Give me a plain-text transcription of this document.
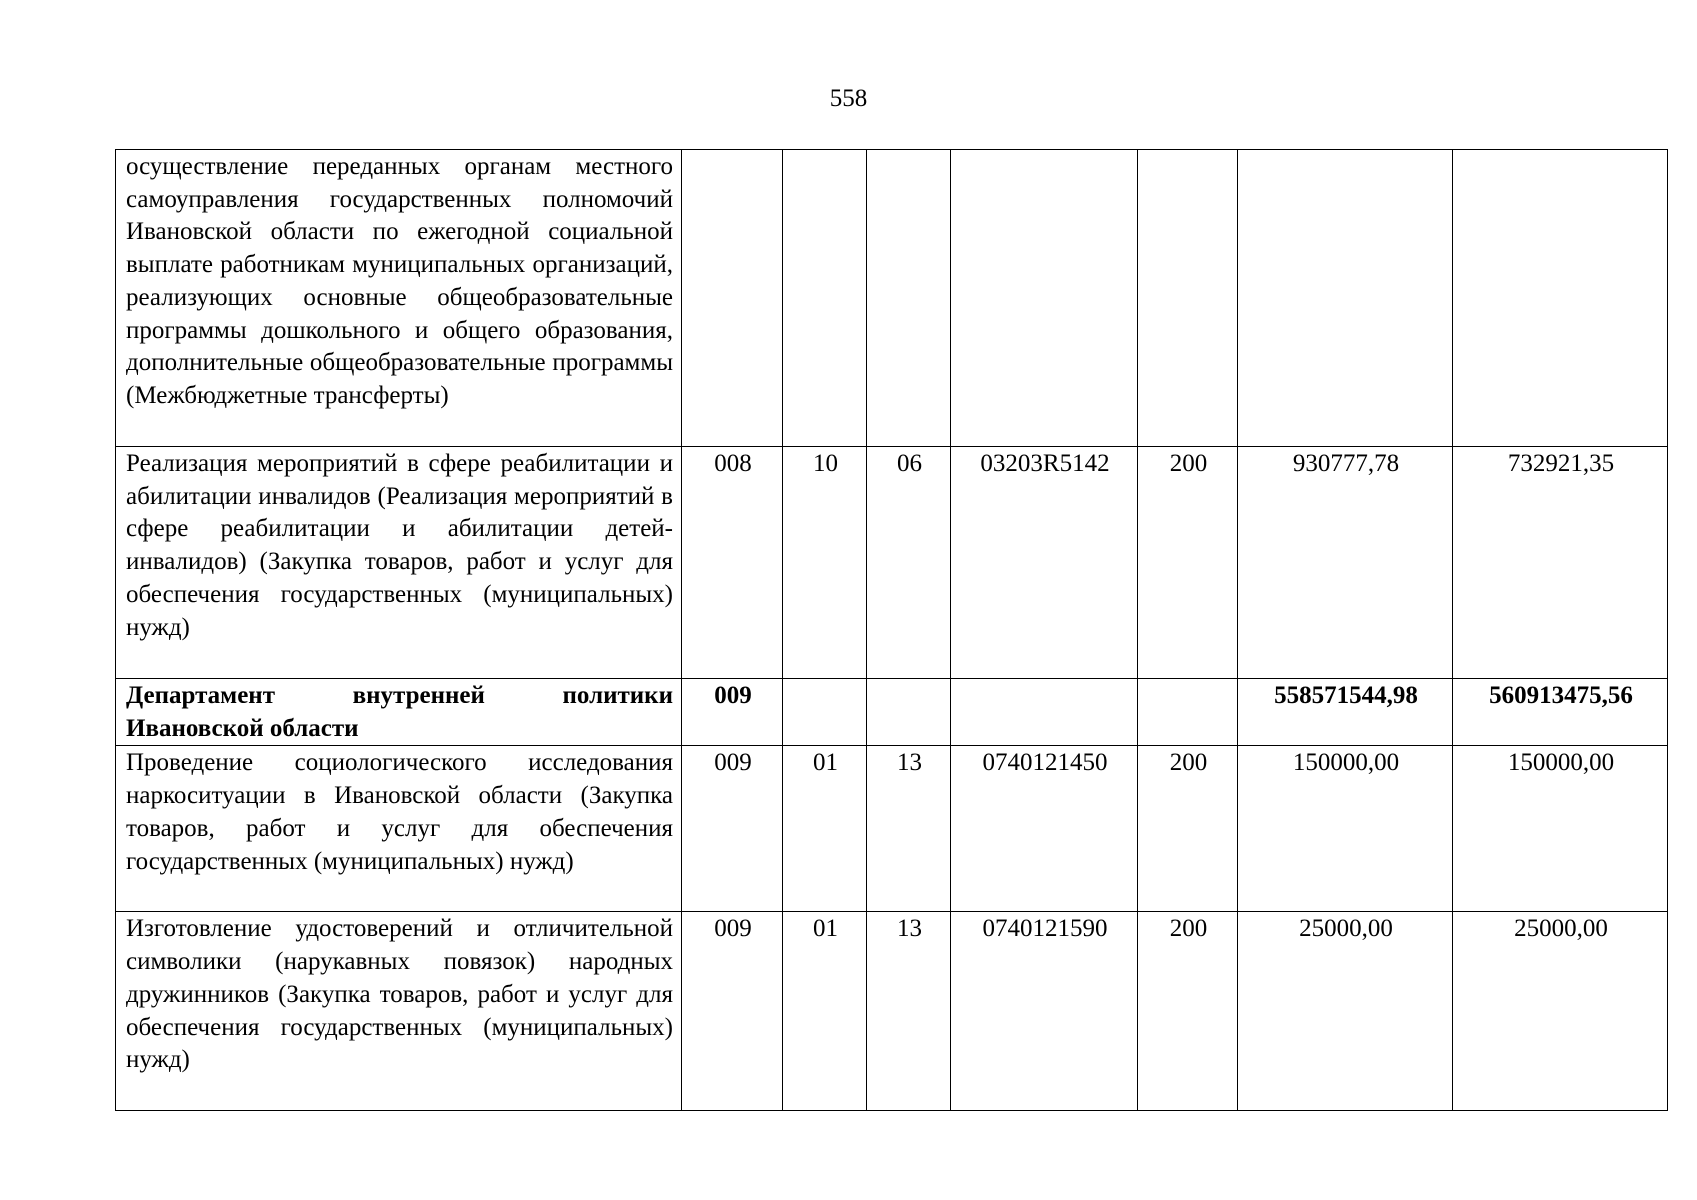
558
осуществление переданных органам местного самоуправления государственных полномочий Ивановской области по ежегодной социальной выплате работникам муниципальных организаций, реализующих основные общеобразовательные программы дошкольного и общего образования, дополнительные общеобразовательные программы (Межбюджетные трансферты)							
Реализация мероприятий в сфере реабилитации и абилитации инвалидов (Реализация мероприятий в сфере реабилитации и абилитации детей-инвалидов) (Закупка товаров, работ и услуг для обеспечения государственных (муниципальных) нужд)	008	10	06	03203R5142	200	930777,78	732921,35
Департамент внутренней политики Ивановской области	009					558571544,98	560913475,56
Проведение социологического исследования наркоситуации в Ивановской области (Закупка товаров, работ и услуг для обеспечения государственных (муниципальных) нужд)	009	01	13	0740121450	200	150000,00	150000,00
Изготовление удостоверений и отличительной символики (нарукавных повязок) народных дружинников (Закупка товаров, работ и услуг для обеспечения государственных (муниципальных) нужд)	009	01	13	0740121590	200	25000,00	25000,00
